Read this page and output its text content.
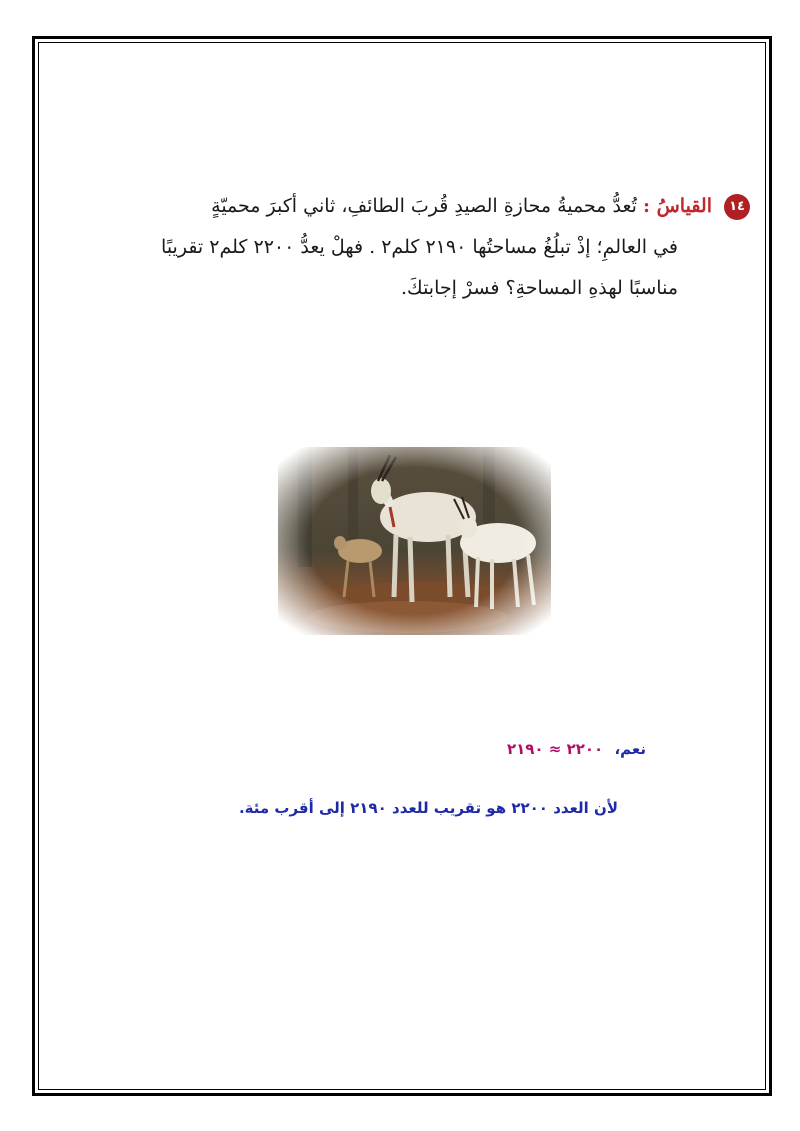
١٤القياسُ : تُعدُّ محميةُ محازةِ الصيدِ قُربَ الطائفِ، ثاني أكبرَ محميّةٍ
في العالمِ؛ إذْ تبلُغُ مساحتُها ٢١٩٠ كلم٢ . فهلْ يعدُّ ٢٢٠٠ كلم٢ تقريبًا
مناسبًا لهذهِ المساحةِ؟ فسرْ إجابتكَ.
نعم، ٢٢٠٠ ≈ ٢١٩٠
لأن العدد ٢٢٠٠ هو تقريب للعدد ٢١٩٠ إلى أقرب مئة.
